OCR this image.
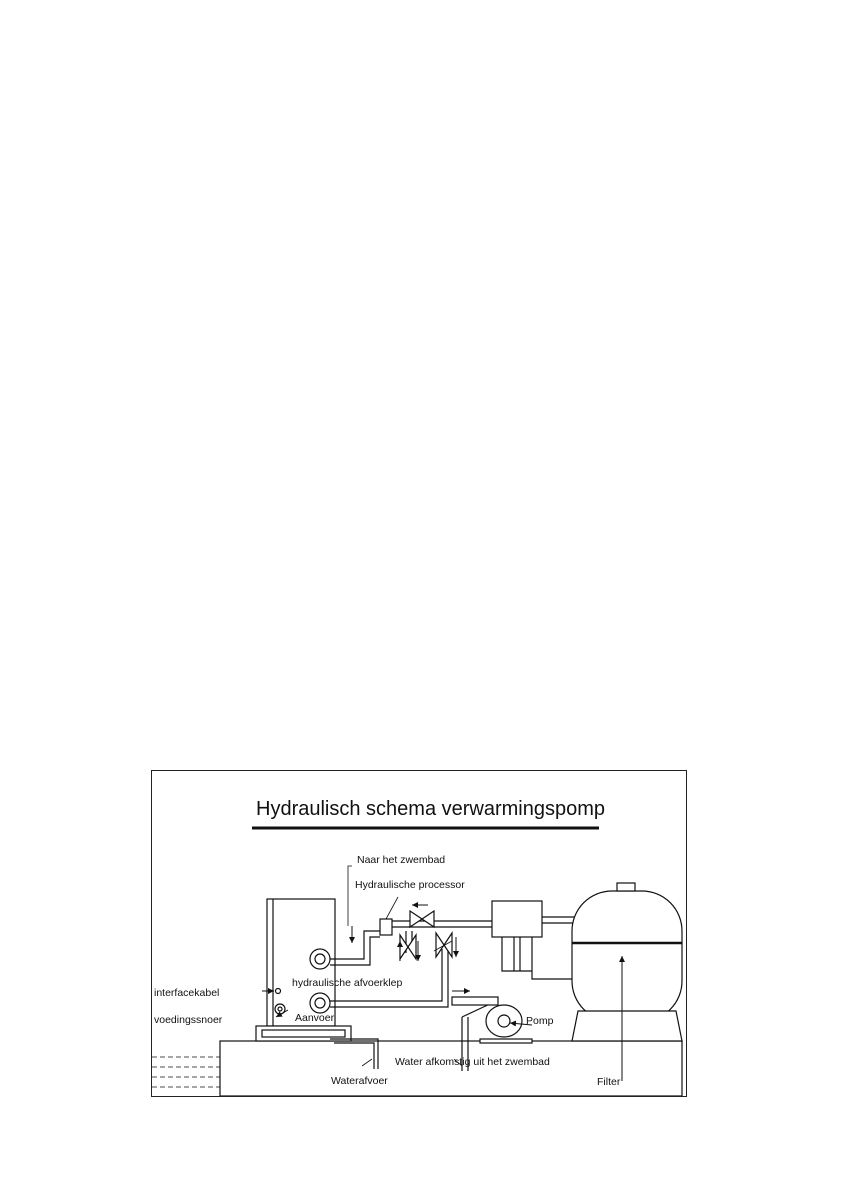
Hydraulisch schema verwarmingspomp
Naar het zwembad
Hydraulische processor
interfacekabel
hydraulische afvoerklep
voedingssnoer	Aanvoer	Pomp
Water afkomstig uit het zwembad
Waterafvoer	Filter
